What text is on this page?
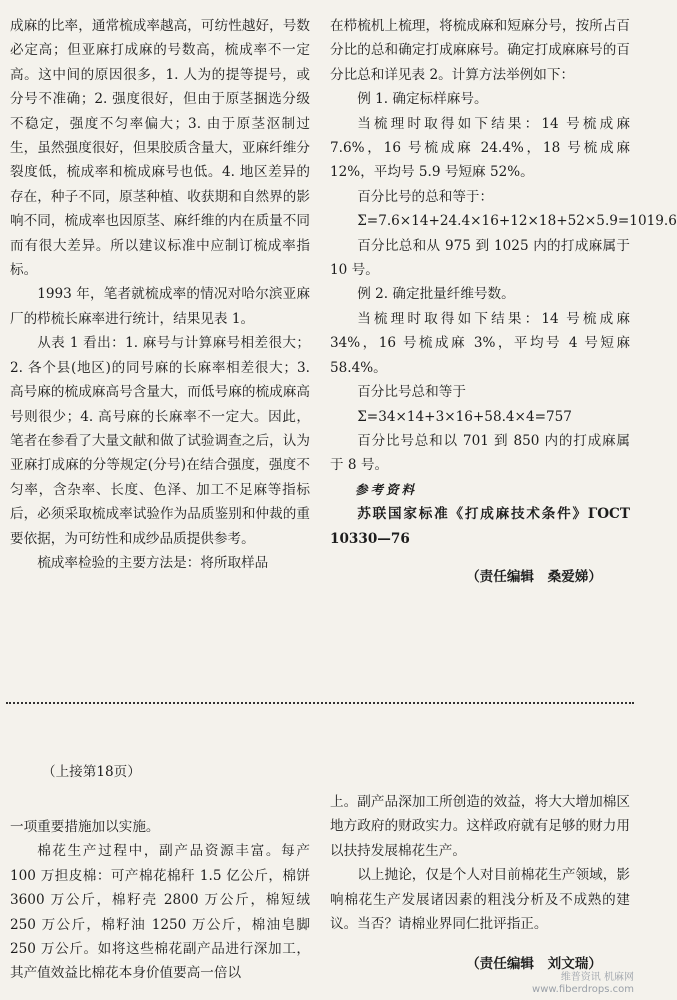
成麻的比率，通常梳成率越高，可纺性越好，号数必定高；但亚麻打成麻的号数高，梳成率不一定高。这中间的原因很多，1. 人为的提等提号，或分号不准确；2. 强度很好，但由于原茎捆选分级不稳定，强度不匀率偏大；3. 由于原茎沤制过生，虽然强度很好，但果胶质含量大，亚麻纤维分裂度低，梳成率和梳成麻号也低。4. 地区差异的存在，种子不同，原茎种植、收获期和自然界的影响不同，梳成率也因原茎、麻纤维的内在质量不同而有很大差异。所以建议标准中应制订梳成率指标。

1993 年，笔者就梳成率的情况对哈尔滨亚麻厂的栉梳长麻率进行统计，结果见表 1。

从表 1 看出：1. 麻号与计算麻号相差很大；2. 各个县(地区)的同号麻的长麻率相差很大；3. 高号麻的梳成麻高号含量大，而低号麻的梳成麻高号则很少；4. 高号麻的长麻率不一定大。因此，笔者在参看了大量文献和做了试验调查之后，认为亚麻打成麻的分等规定(分号)在结合强度，强度不匀率，含杂率、长度、色泽、加工不足麻等指标后，必须采取梳成率试验作为品质鉴别和仲裁的重要依据，为可纺性和成纱品质提供参考。

梳成率检验的主要方法是：将所取样品

在栉梳机上梳理，将梳成麻和短麻分号，按所占百分比的总和确定打成麻麻号。确定打成麻麻号的百分比总和详见表 2。计算方法举例如下：

例 1. 确定标样麻号。

当梳理时取得如下结果：14 号梳成麻 7.6%，16 号梳成麻 24.4%，18 号梳成麻 12%，平均号 5.9 号短麻 52%。

百分比号的总和等于：

Σ=7.6×14+24.4×16+12×18+52×5.9=1019.6

百分比总和从 975 到 1025 内的打成麻属于 10 号。

例 2. 确定批量纤维号数。

当梳理时取得如下结果：14 号梳成麻 34%，16 号梳成麻 3%，平均号 4 号短麻 58.4%。

百分比号总和等于

Σ=34×14+3×16+58.4×4=757

百分比号总和以 701 到 850 内的打成麻属于 8 号。

参考资料

苏联国家标准《打成麻技术条件》ГОСТ 10330—76

（责任编辑　桑爱娣）

（上接第18页）

一项重要措施加以实施。

棉花生产过程中，副产品资源丰富。每产 100 万担皮棉：可产棉花棉秆 1.5 亿公斤，棉饼 3600 万公斤，棉籽壳 2800 万公斤，棉短绒 250 万公斤，棉籽油 1250 万公斤，棉油皂脚 250 万公斤。如将这些棉花副产品进行深加工，其产值效益比棉花本身价值要高一倍以

上。副产品深加工所创造的效益，将大大增加棉区地方政府的财政实力。这样政府就有足够的财力用以扶持发展棉花生产。

以上抛论，仅是个人对目前棉花生产领域，影响棉花生产发展诸因素的粗浅分析及不成熟的建议。当否？请棉业界同仁批评指正。

（责任编辑　刘文瑞）

维普资讯 机麻网
www.fiberdrops.com
